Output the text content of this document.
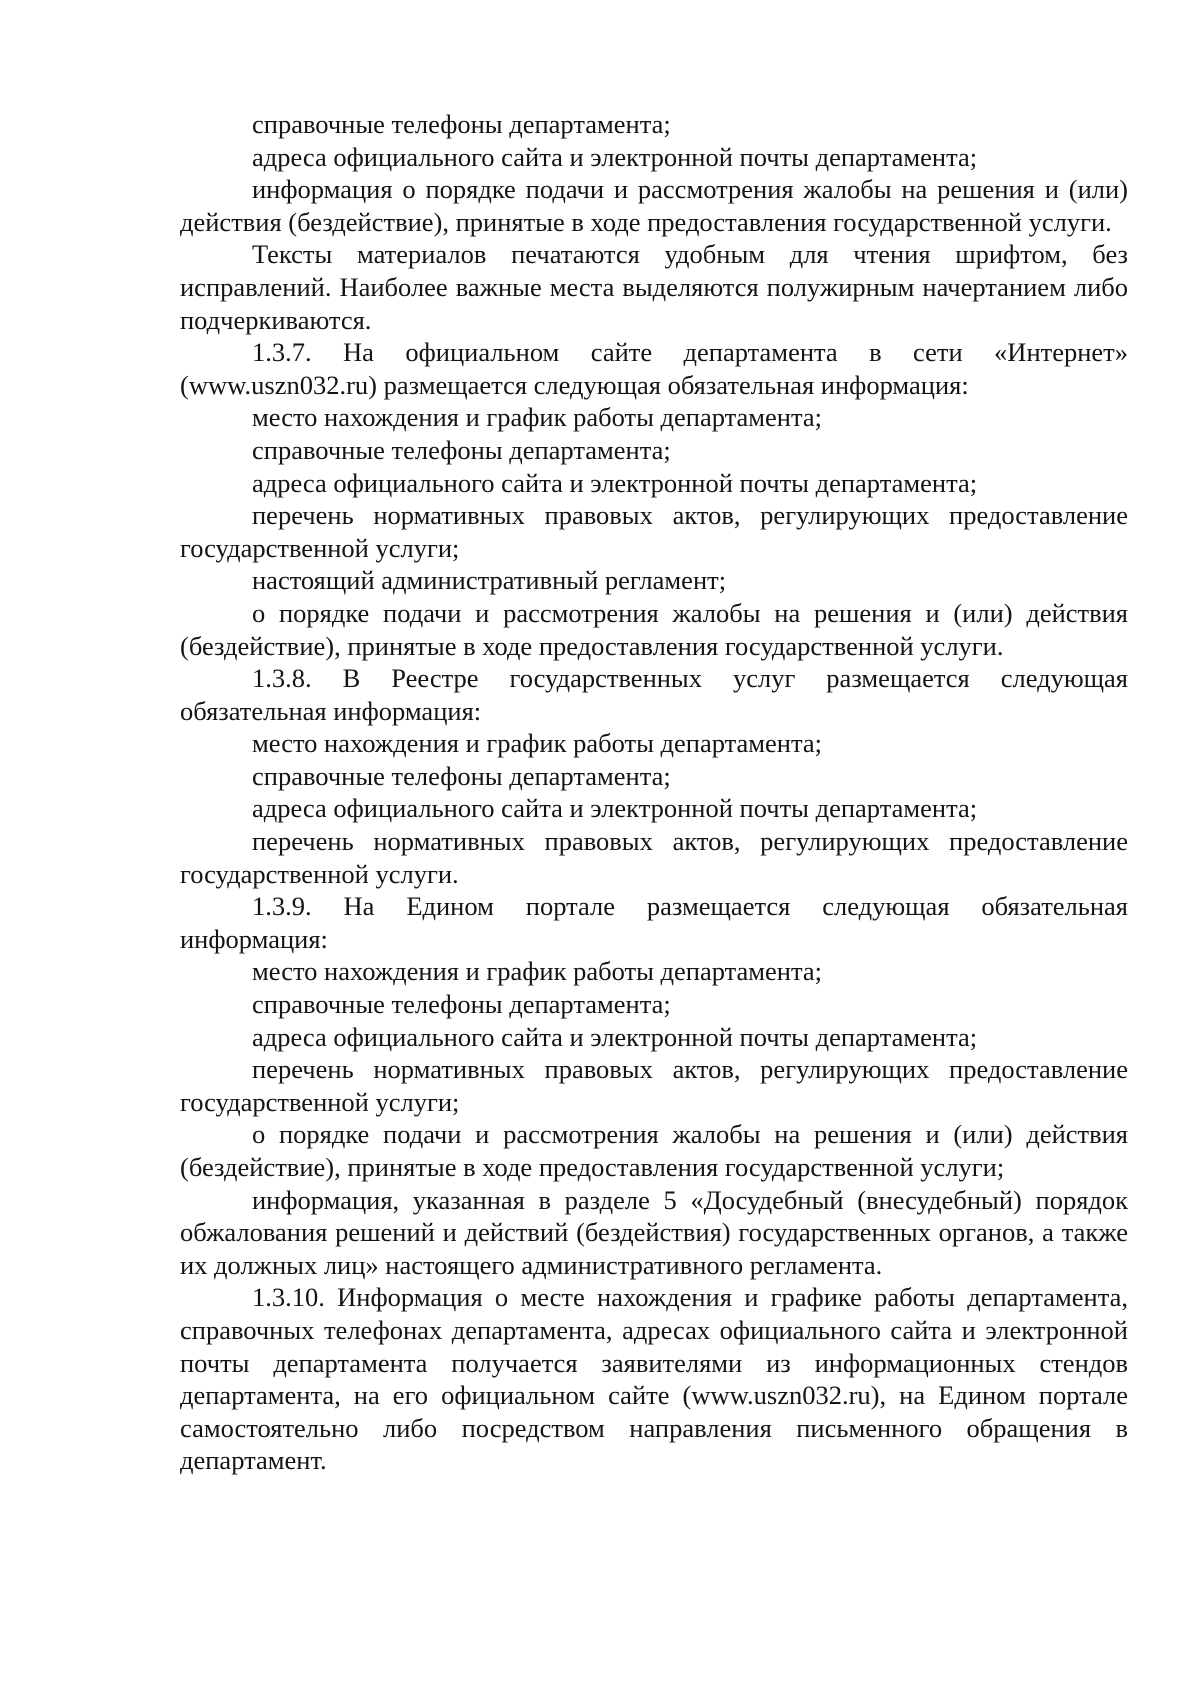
справочные телефоны департамента;

адреса официального сайта и электронной почты департамента;

информация о порядке подачи и рассмотрения жалобы на решения и (или) действия (бездействие), принятые в ходе предоставления государственной услуги.

Тексты материалов печатаются удобным для чтения шрифтом, без исправлений. Наиболее важные места выделяются полужирным начертанием либо подчеркиваются.

1.3.7. На официальном сайте департамента в сети «Интернет» (www.uszn032.ru) размещается следующая обязательная информация:

место нахождения и график работы департамента;

справочные телефоны департамента;

адреса официального сайта и электронной почты департамента;

перечень нормативных правовых актов, регулирующих предоставление государственной услуги;

настоящий административный регламент;

о порядке подачи и рассмотрения жалобы на решения и (или) действия (бездействие), принятые в ходе предоставления государственной услуги.

1.3.8. В Реестре государственных услуг размещается следующая обязательная информация:

место нахождения и график работы департамента;

справочные телефоны департамента;

адреса официального сайта и электронной почты департамента;

перечень нормативных правовых актов, регулирующих предоставление государственной услуги.

1.3.9. На Едином портале размещается следующая обязательная информация:

место нахождения и график работы департамента;

справочные телефоны департамента;

адреса официального сайта и электронной почты департамента;

перечень нормативных правовых актов, регулирующих предоставление государственной услуги;

о порядке подачи и рассмотрения жалобы на решения и (или) действия (бездействие), принятые в ходе предоставления государственной услуги;

информация, указанная в разделе 5 «Досудебный (внесудебный) порядок обжалования решений и действий (бездействия) государственных органов, а также их должных лиц» настоящего административного регламента.

1.3.10. Информация о месте нахождения и графике работы департамента, справочных телефонах департамента, адресах официального сайта и электронной почты департамента получается заявителями из информационных стендов департамента, на его официальном сайте (www.uszn032.ru), на Едином портале самостоятельно либо посредством направления письменного обращения в департамент.
